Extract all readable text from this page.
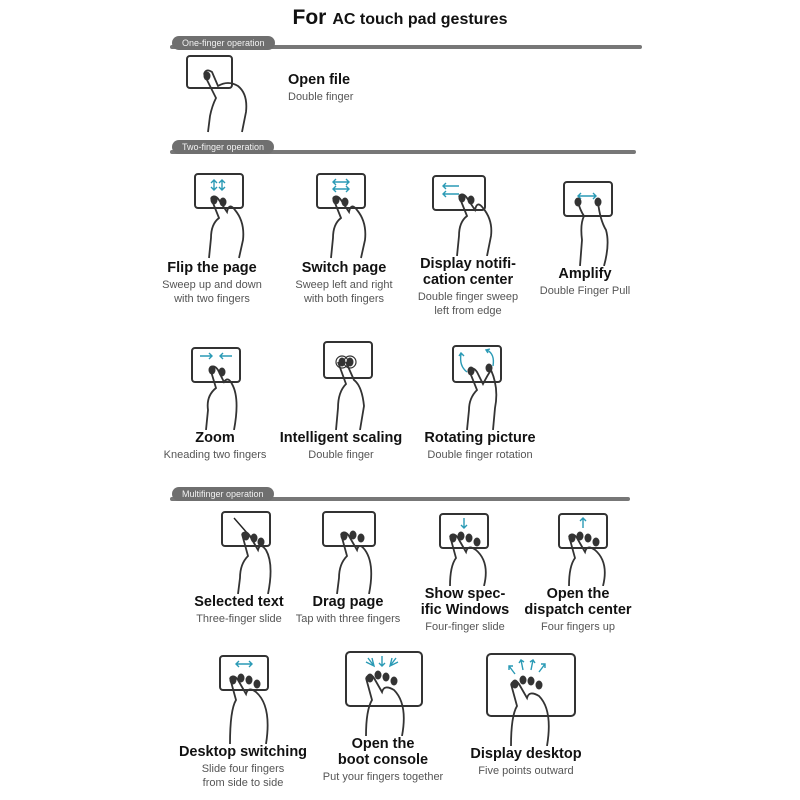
For AC touch pad gestures
One-finger operation
Two-finger operation
Multifinger operation
Open file
Double finger
Flip the page
Sweep up and down
with two fingers
Switch page
Sweep left and right
with both fingers
Display notifi-
cation center
Double finger sweep
left from edge
Amplify
Double Finger Pull
Zoom
Kneading two fingers
Intelligent scaling
Double finger
Rotating picture
Double finger rotation
Selected text
Three-finger slide
Drag page
Tap with three fingers
Show spec-
ific Windows
Four-finger slide
Open the
dispatch center
Four fingers up
Desktop switching
Slide four fingers
from side to side
Open the
boot console
Put your fingers together
Display desktop
Five points outward
